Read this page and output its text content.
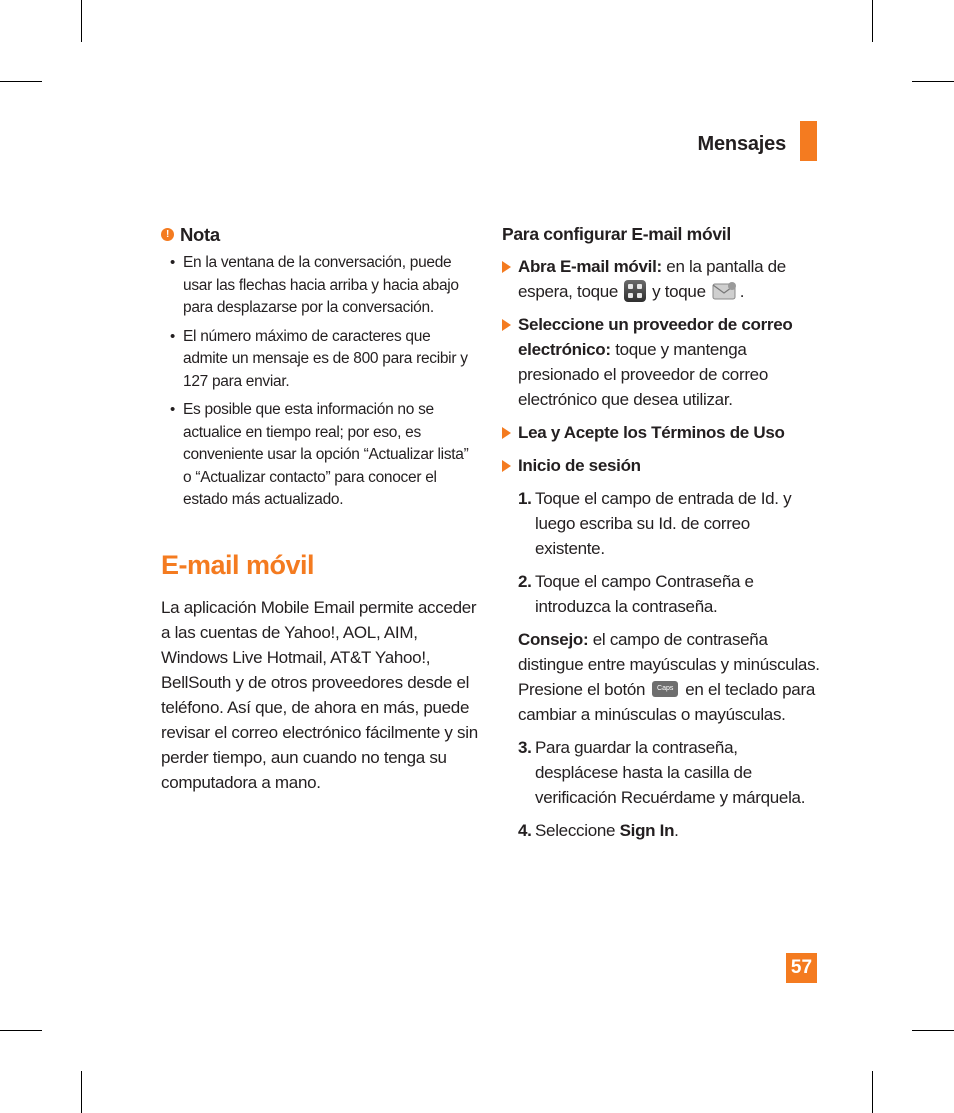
Mensajes
! Nota
• En la ventana de la conversación, puede usar las flechas hacia arriba y hacia abajo para desplazarse por la conversación.
• El número máximo de caracteres que admite un mensaje es de 800 para recibir y 127 para enviar.
• Es posible que esta información no se actualice en tiempo real; por eso, es conveniente usar la opción “Actualizar lista” o “Actualizar contacto” para conocer el estado más actualizado.
E-mail móvil
La aplicación Mobile Email permite acceder a las cuentas de Yahoo!, AOL, AIM, Windows Live Hotmail, AT&T Yahoo!, BellSouth y de otros proveedores desde el teléfono. Así que, de ahora en más, puede revisar el correo electrónico fácilmente y sin perder tiempo, aun cuando no tenga su computadora a mano.
Para configurar E-mail móvil
Abra E-mail móvil: en la pantalla de espera, toque y toque .
Seleccione un proveedor de correo electrónico: toque y mantenga presionado el proveedor de correo electrónico que desea utilizar.
Lea y Acepte los Términos de Uso
Inicio de sesión
1. Toque el campo de entrada de Id. y luego escriba su Id. de correo existente.
2. Toque el campo Contraseña e introduzca la contraseña.
Consejo: el campo de contraseña distingue entre mayúsculas y minúsculas. Presione el botón Caps en el teclado para cambiar a minúsculas o mayúsculas.
3. Para guardar la contraseña, desplácese hasta la casilla de verificación Recuérdame y márquela.
4. Seleccione Sign In.
57
